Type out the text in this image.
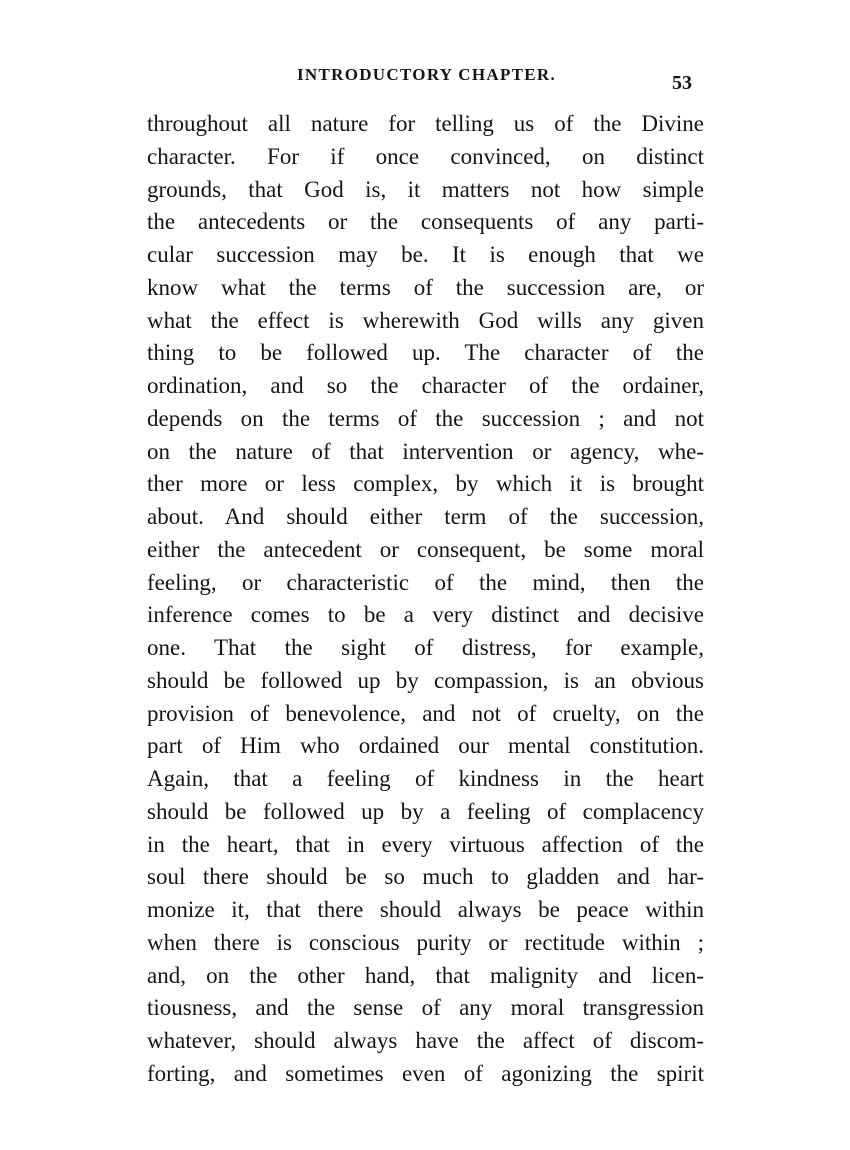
INTRODUCTORY CHAPTER.	53
throughout all nature for telling us of the Divine
character. For if once convinced, on distinct
grounds, that God is, it matters not how simple
the antecedents or the consequents of any parti-
cular succession may be. It is enough that we
know what the terms of the succession are, or
what the effect is wherewith God wills any given
thing to be followed up. The character of the
ordination, and so the character of the ordainer,
depends on the terms of the succession ; and not
on the nature of that intervention or agency, whe-
ther more or less complex, by which it is brought
about. And should either term of the succession,
either the antecedent or consequent, be some moral
feeling, or characteristic of the mind, then the
inference comes to be a very distinct and decisive
one. That the sight of distress, for example,
should be followed up by compassion, is an obvious
provision of benevolence, and not of cruelty, on the
part of Him who ordained our mental constitution.
Again, that a feeling of kindness in the heart
should be followed up by a feeling of complacency
in the heart, that in every virtuous affection of the
soul there should be so much to gladden and har-
monize it, that there should always be peace within
when there is conscious purity or rectitude within ;
and, on the other hand, that malignity and licen-
tiousness, and the sense of any moral transgression
whatever, should always have the affect of discom-
forting, and sometimes even of agonizing the spirit
